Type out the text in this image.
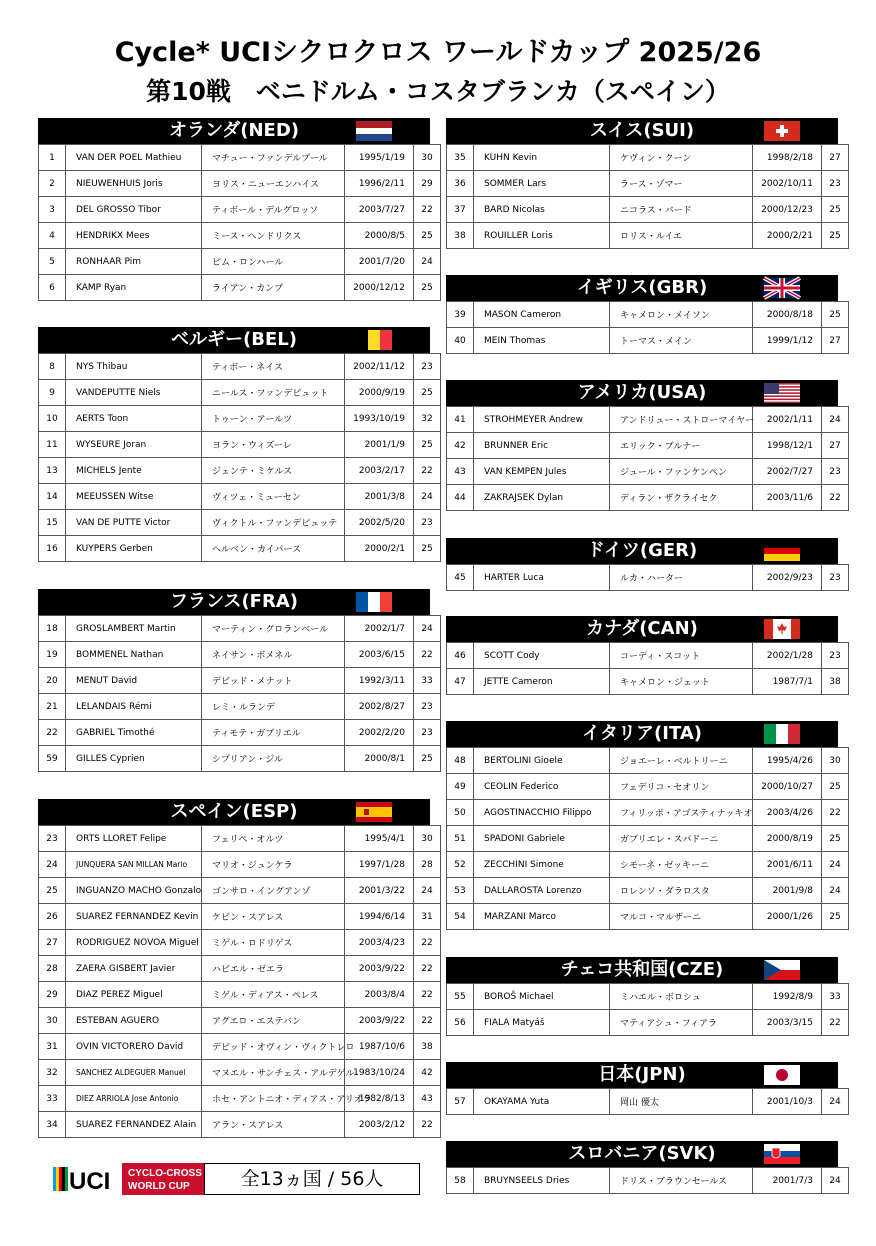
Cycle* UCIシクロクロス ワールドカップ 2025/26
第10戦　ベニドルム・コスタブランカ（スペイン）
オランダ(NED)
1	VAN DER POEL Mathieu	マチュー・ファンデルプール	1995/1/19	30
2	NIEUWENHUIS Joris	ヨリス・ニューエンハイス	1996/2/11	29
3	DEL GROSSO Tibor	ティボール・デルグロッソ	2003/7/27	22
4	HENDRIKX Mees	ミース・ヘンドリクス	2000/8/5	25
5	RONHAAR Pim	ピム・ロンハール	2001/7/20	24
6	KAMP Ryan	ライアン・カンプ	2000/12/12	25
ベルギー(BEL)
8	NYS Thibau	ティボー・ネイス	2002/11/12	23
9	VANDEPUTTE Niels	ニールス・ファンデピュット	2000/9/19	25
10	AERTS Toon	トゥーン・アールツ	1993/10/19	32
11	WYSEURE Joran	ヨラン・ウィズーレ	2001/1/9	25
13	MICHELS Jente	ジェンテ・ミケルス	2003/2/17	22
14	MEEUSSEN Witse	ヴィツェ・ミューセン	2001/3/8	24
15	VAN DE PUTTE Victor	ヴィクトル・ファンデピュッテ	2002/5/20	23
16	KUYPERS Gerben	ヘルベン・カイパース	2000/2/1	25
フランス(FRA)
18	GROSLAMBERT Martin	マーティン・グロランベール	2002/1/7	24
19	BOMMENEL Nathan	ネイサン・ボメネル	2003/6/15	22
20	MENUT David	デビッド・メナット	1992/3/11	33
21	LELANDAIS Rémi	レミ・ルランデ	2002/8/27	23
22	GABRIEL Timothé	ティモテ・ガブリエル	2002/2/20	23
59	GILLES Cyprien	シプリアン・ジル	2000/8/1	25
スペイン(ESP)
23	ORTS LLORET Felipe	フェリペ・オルツ	1995/4/1	30
24	JUNQUERA SAN MILLAN Mario	マリオ・ジュンケラ	1997/1/28	28
25	INGUANZO MACHO Gonzalo	ゴンサロ・イングアンゾ	2001/3/22	24
26	SUAREZ FERNANDEZ Kevin	ケビン・スアレス	1994/6/14	31
27	RODRIGUEZ NOVOA Miguel	ミゲル・ロドリゲス	2003/4/23	22
28	ZAERA GISBERT Javier	ハビエル・ゼエラ	2003/9/22	22
29	DIAZ PEREZ Miguel	ミゲル・ディアス・ペレス	2003/8/4	22
30	ESTEBAN AGUERO	アグエロ・エステバン	2003/9/22	22
31	OVIN VICTORERO David	デビッド・オヴィン・ヴィクトレロ	1987/10/6	38
32	SANCHEZ ALDEGUER Manuel	マヌエル・サンチェス・アルデゲル	1983/10/24	42
33	DIEZ ARRIOLA Jose Antonio	ホセ・アントニオ・ディアス・アリオラ	1982/8/13	43
34	SUAREZ FERNANDEZ Alain	アラン・スアレス	2003/2/12	22
スイス(SUI)
35	KUHN Kevin	ケヴィン・クーン	1998/2/18	27
36	SOMMER Lars	ラース・ゾマー	2002/10/11	23
37	BARD Nicolas	ニコラス・バード	2000/12/23	25
38	ROUILLER Loris	ロリス・ルイエ	2000/2/21	25
イギリス(GBR)
39	MASON Cameron	キャメロン・メイソン	2000/8/18	25
40	MEIN Thomas	トーマス・メイン	1999/1/12	27
アメリカ(USA)
41	STROHMEYER Andrew	アンドリュー・ストローマイヤー	2002/1/11	24
42	BRUNNER Eric	エリック・ブルナー	1998/12/1	27
43	VAN KEMPEN Jules	ジュール・ファンケンペン	2002/7/27	23
44	ZAKRAJSEK Dylan	ディラン・ザクライセク	2003/11/6	22
ドイツ(GER)
45	HARTER Luca	ルカ・ハーター	2002/9/23	23
カナダ(CAN)
46	SCOTT Cody	コーディ・スコット	2002/1/28	23
47	JETTE Cameron	キャメロン・ジェット	1987/7/1	38
イタリア(ITA)
48	BERTOLINI Gioele	ジョエーレ・ベルトリーニ	1995/4/26	30
49	CEOLIN Federico	フェデリコ・セオリン	2000/10/27	25
50	AGOSTINACCHIO Filippo	フィリッポ・アゴスティナッキオ	2003/4/26	22
51	SPADONI Gabriele	ガブリエレ・スパドーニ	2000/8/19	25
52	ZECCHINI Simone	シモーネ・ゼッキーニ	2001/6/11	24
53	DALLAROSTA Lorenzo	ロレンソ・ダラロスタ	2001/9/8	24
54	MARZANI Marco	マルコ・マルザーニ	2000/1/26	25
チェコ共和国(CZE)
55	BOROŠ Michael	ミハエル・ボロシュ	1992/8/9	33
56	FIALA Matyáš	マティアシュ・フィアラ	2003/3/15	22
日本(JPN)
57	OKAYAMA Yuta	岡山 優太	2001/10/3	24
スロバニア(SVK)
58	BRUYNSEELS Dries	ドリス・ブラウンセールス	2001/7/3	24
UCI CYCLO-CROSS
WORLD CUP	全13ヵ国 / 56人
